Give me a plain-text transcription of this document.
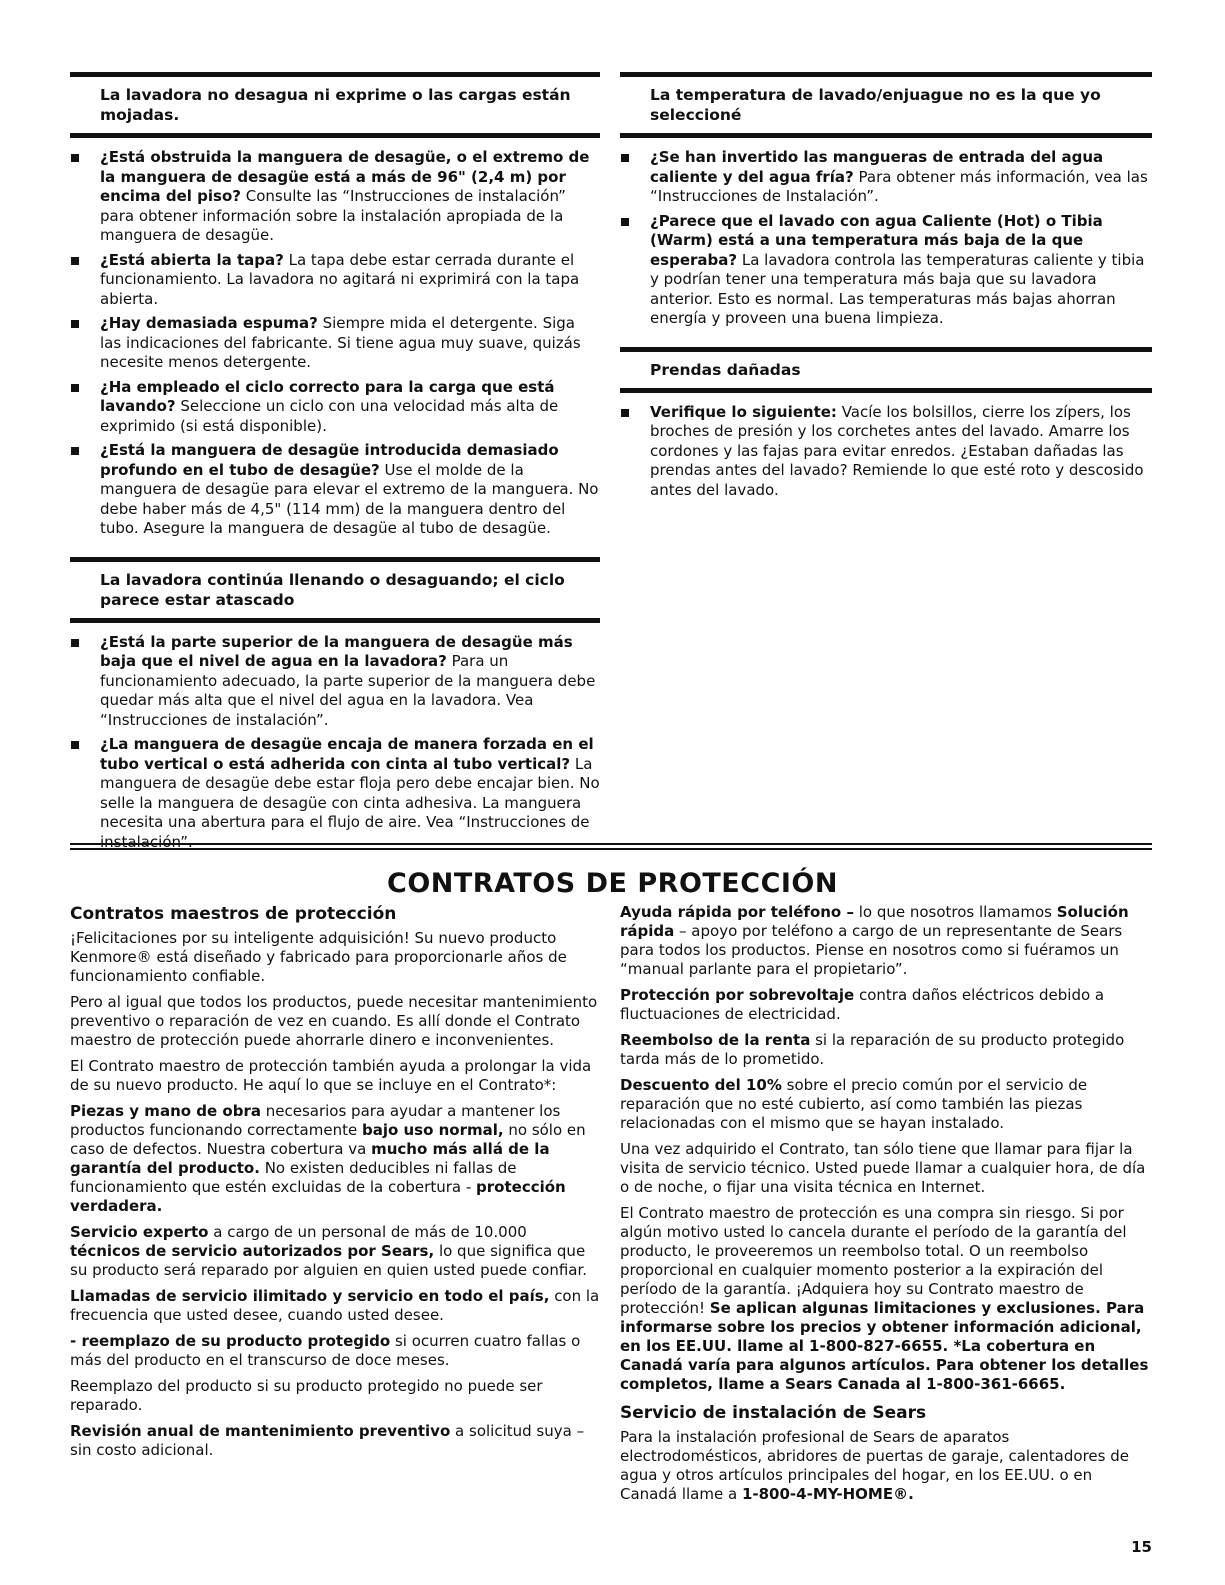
La lavadora no desagua ni exprime o las cargas están mojadas.
¿Está obstruida la manguera de desagüe, o el extremo de la manguera de desagüe está a más de 96" (2,4 m) por encima del piso? Consulte las “Instrucciones de instalación” para obtener información sobre la instalación apropiada de la manguera de desagüe.
¿Está abierta la tapa? La tapa debe estar cerrada durante el funcionamiento. La lavadora no agitará ni exprimirá con la tapa abierta.
¿Hay demasiada espuma? Siempre mida el detergente. Siga las indicaciones del fabricante. Si tiene agua muy suave, quizás necesite menos detergente.
¿Ha empleado el ciclo correcto para la carga que está lavando? Seleccione un ciclo con una velocidad más alta de exprimido (si está disponible).
¿Está la manguera de desagüe introducida demasiado profundo en el tubo de desagüe? Use el molde de la manguera de desagüe para elevar el extremo de la manguera. No debe haber más de 4,5" (114 mm) de la manguera dentro del tubo. Asegure la manguera de desagüe al tubo de desagüe.
La lavadora continúa llenando o desaguando; el ciclo parece estar atascado
¿Está la parte superior de la manguera de desagüe más baja que el nivel de agua en la lavadora? Para un funcionamiento adecuado, la parte superior de la manguera debe quedar más alta que el nivel del agua en la lavadora. Vea “Instrucciones de instalación”.
¿La manguera de desagüe encaja de manera forzada en el tubo vertical o está adherida con cinta al tubo vertical? La manguera de desagüe debe estar floja pero debe encajar bien. No selle la manguera de desagüe con cinta adhesiva. La manguera necesita una abertura para el flujo de aire. Vea “Instrucciones de instalación”.
La temperatura de lavado/enjuague no es la que yo seleccioné
¿Se han invertido las mangueras de entrada del agua caliente y del agua fría? Para obtener más información, vea las “Instrucciones de Instalación”.
¿Parece que el lavado con agua Caliente (Hot) o Tibia (Warm) está a una temperatura más baja de la que esperaba? La lavadora controla las temperaturas caliente y tibia y podrían tener una temperatura más baja que su lavadora anterior. Esto es normal. Las temperaturas más bajas ahorran energía y proveen una buena limpieza.
Prendas dañadas
Verifique lo siguiente: Vacíe los bolsillos, cierre los zípers, los broches de presión y los corchetes antes del lavado. Amarre los cordones y las fajas para evitar enredos. ¿Estaban dañadas las prendas antes del lavado? Remiende lo que esté roto y descosido antes del lavado.
CONTRATOS DE PROTECCIÓN
Contratos maestros de protección
¡Felicitaciones por su inteligente adquisición! Su nuevo producto Kenmore® está diseñado y fabricado para proporcionarle años de funcionamiento confiable.
Pero al igual que todos los productos, puede necesitar mantenimiento preventivo o reparación de vez en cuando. Es allí donde el Contrato maestro de protección puede ahorrarle dinero e inconvenientes.
El Contrato maestro de protección también ayuda a prolongar la vida de su nuevo producto. He aquí lo que se incluye en el Contrato*:
Piezas y mano de obra necesarios para ayudar a mantener los productos funcionando correctamente bajo uso normal, no sólo en caso de defectos. Nuestra cobertura va mucho más allá de la garantía del producto. No existen deducibles ni fallas de funcionamiento que estén excluidas de la cobertura - protección verdadera.
Servicio experto a cargo de un personal de más de 10.000 técnicos de servicio autorizados por Sears, lo que significa que su producto será reparado por alguien en quien usted puede confiar.
Llamadas de servicio ilimitado y servicio en todo el país, con la frecuencia que usted desee, cuando usted desee.
- reemplazo de su producto protegido si ocurren cuatro fallas o más del producto en el transcurso de doce meses.
Reemplazo del producto si su producto protegido no puede ser reparado.
Revisión anual de mantenimiento preventivo a solicitud suya – sin costo adicional.
Ayuda rápida por teléfono – lo que nosotros llamamos Solución rápida – apoyo por teléfono a cargo de un representante de Sears para todos los productos. Piense en nosotros como si fuéramos un “manual parlante para el propietario”.
Protección por sobrevoltaje contra daños eléctricos debido a fluctuaciones de electricidad.
Reembolso de la renta si la reparación de su producto protegido tarda más de lo prometido.
Descuento del 10% sobre el precio común por el servicio de reparación que no esté cubierto, así como también las piezas relacionadas con el mismo que se hayan instalado.
Una vez adquirido el Contrato, tan sólo tiene que llamar para fijar la visita de servicio técnico. Usted puede llamar a cualquier hora, de día o de noche, o fijar una visita técnica en Internet.
El Contrato maestro de protección es una compra sin riesgo. Si por algún motivo usted lo cancela durante el período de la garantía del producto, le proveeremos un reembolso total. O un reembolso proporcional en cualquier momento posterior a la expiración del período de la garantía. ¡Adquiera hoy su Contrato maestro de protección! Se aplican algunas limitaciones y exclusiones. Para informarse sobre los precios y obtener información adicional, en los EE.UU. llame al 1-800-827-6655. *La cobertura en Canadá varía para algunos artículos. Para obtener los detalles completos, llame a Sears Canada al 1-800-361-6665.
Servicio de instalación de Sears
Para la instalación profesional de Sears de aparatos electrodomésticos, abridores de puertas de garaje, calentadores de agua y otros artículos principales del hogar, en los EE.UU. o en Canadá llame a 1-800-4-MY-HOME®.
15
